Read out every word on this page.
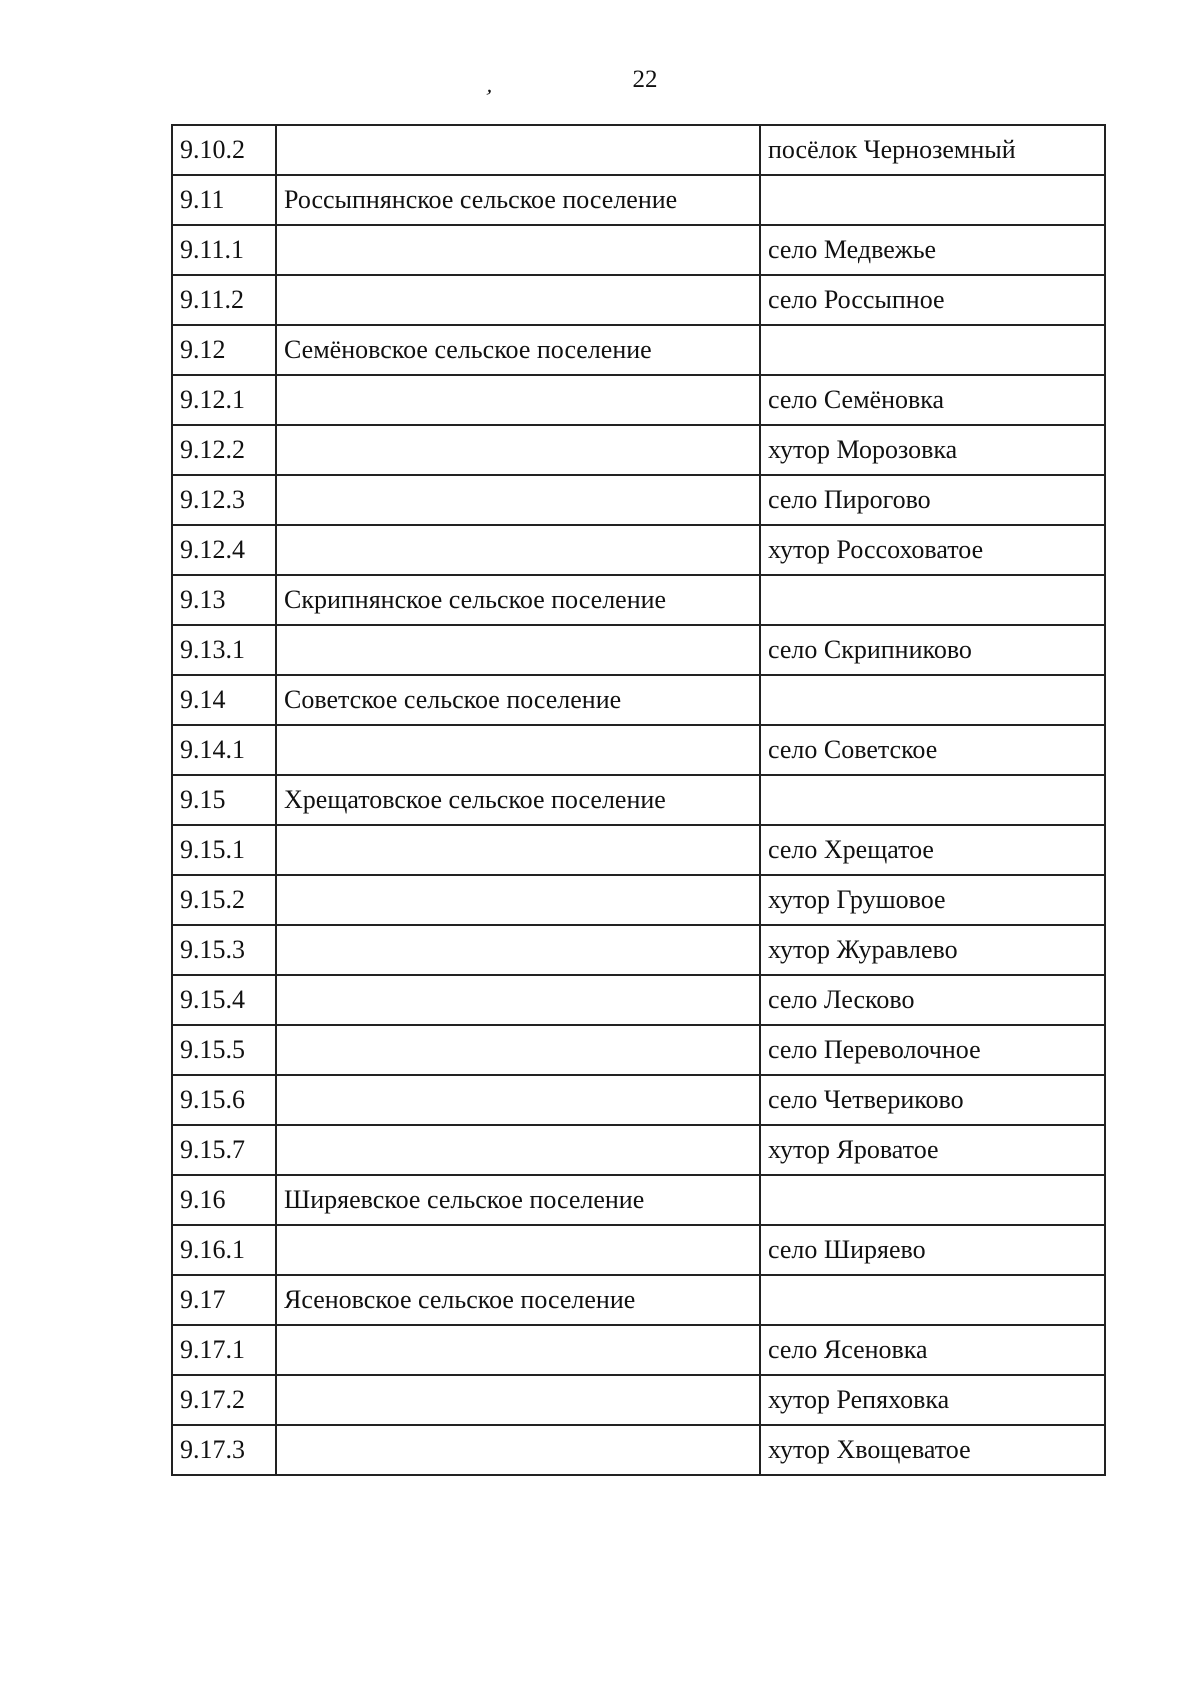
22
ʼ
9.10.2		посёлок Черноземный
9.11	Россыпнянское сельское поселение	
9.11.1		село Медвежье
9.11.2		село Россыпное
9.12	Семёновское сельское поселение	
9.12.1		село Семёновка
9.12.2		хутор Морозовка
9.12.3		село Пирогово
9.12.4		хутор Россоховатое
9.13	Скрипнянское сельское поселение	
9.13.1		село Скрипниково
9.14	Советское сельское поселение	
9.14.1		село Советское
9.15	Хрещатовское сельское поселение	
9.15.1		село Хрещатое
9.15.2		хутор Грушовое
9.15.3		хутор Журавлево
9.15.4		село Лесково
9.15.5		село Переволочное
9.15.6		село Четвериково
9.15.7		хутор Яроватое
9.16	Ширяевское сельское поселение	
9.16.1		село Ширяево
9.17	Ясеновское сельское поселение	
9.17.1		село Ясеновка
9.17.2		хутор Репяховка
9.17.3		хутор Хвощеватое
